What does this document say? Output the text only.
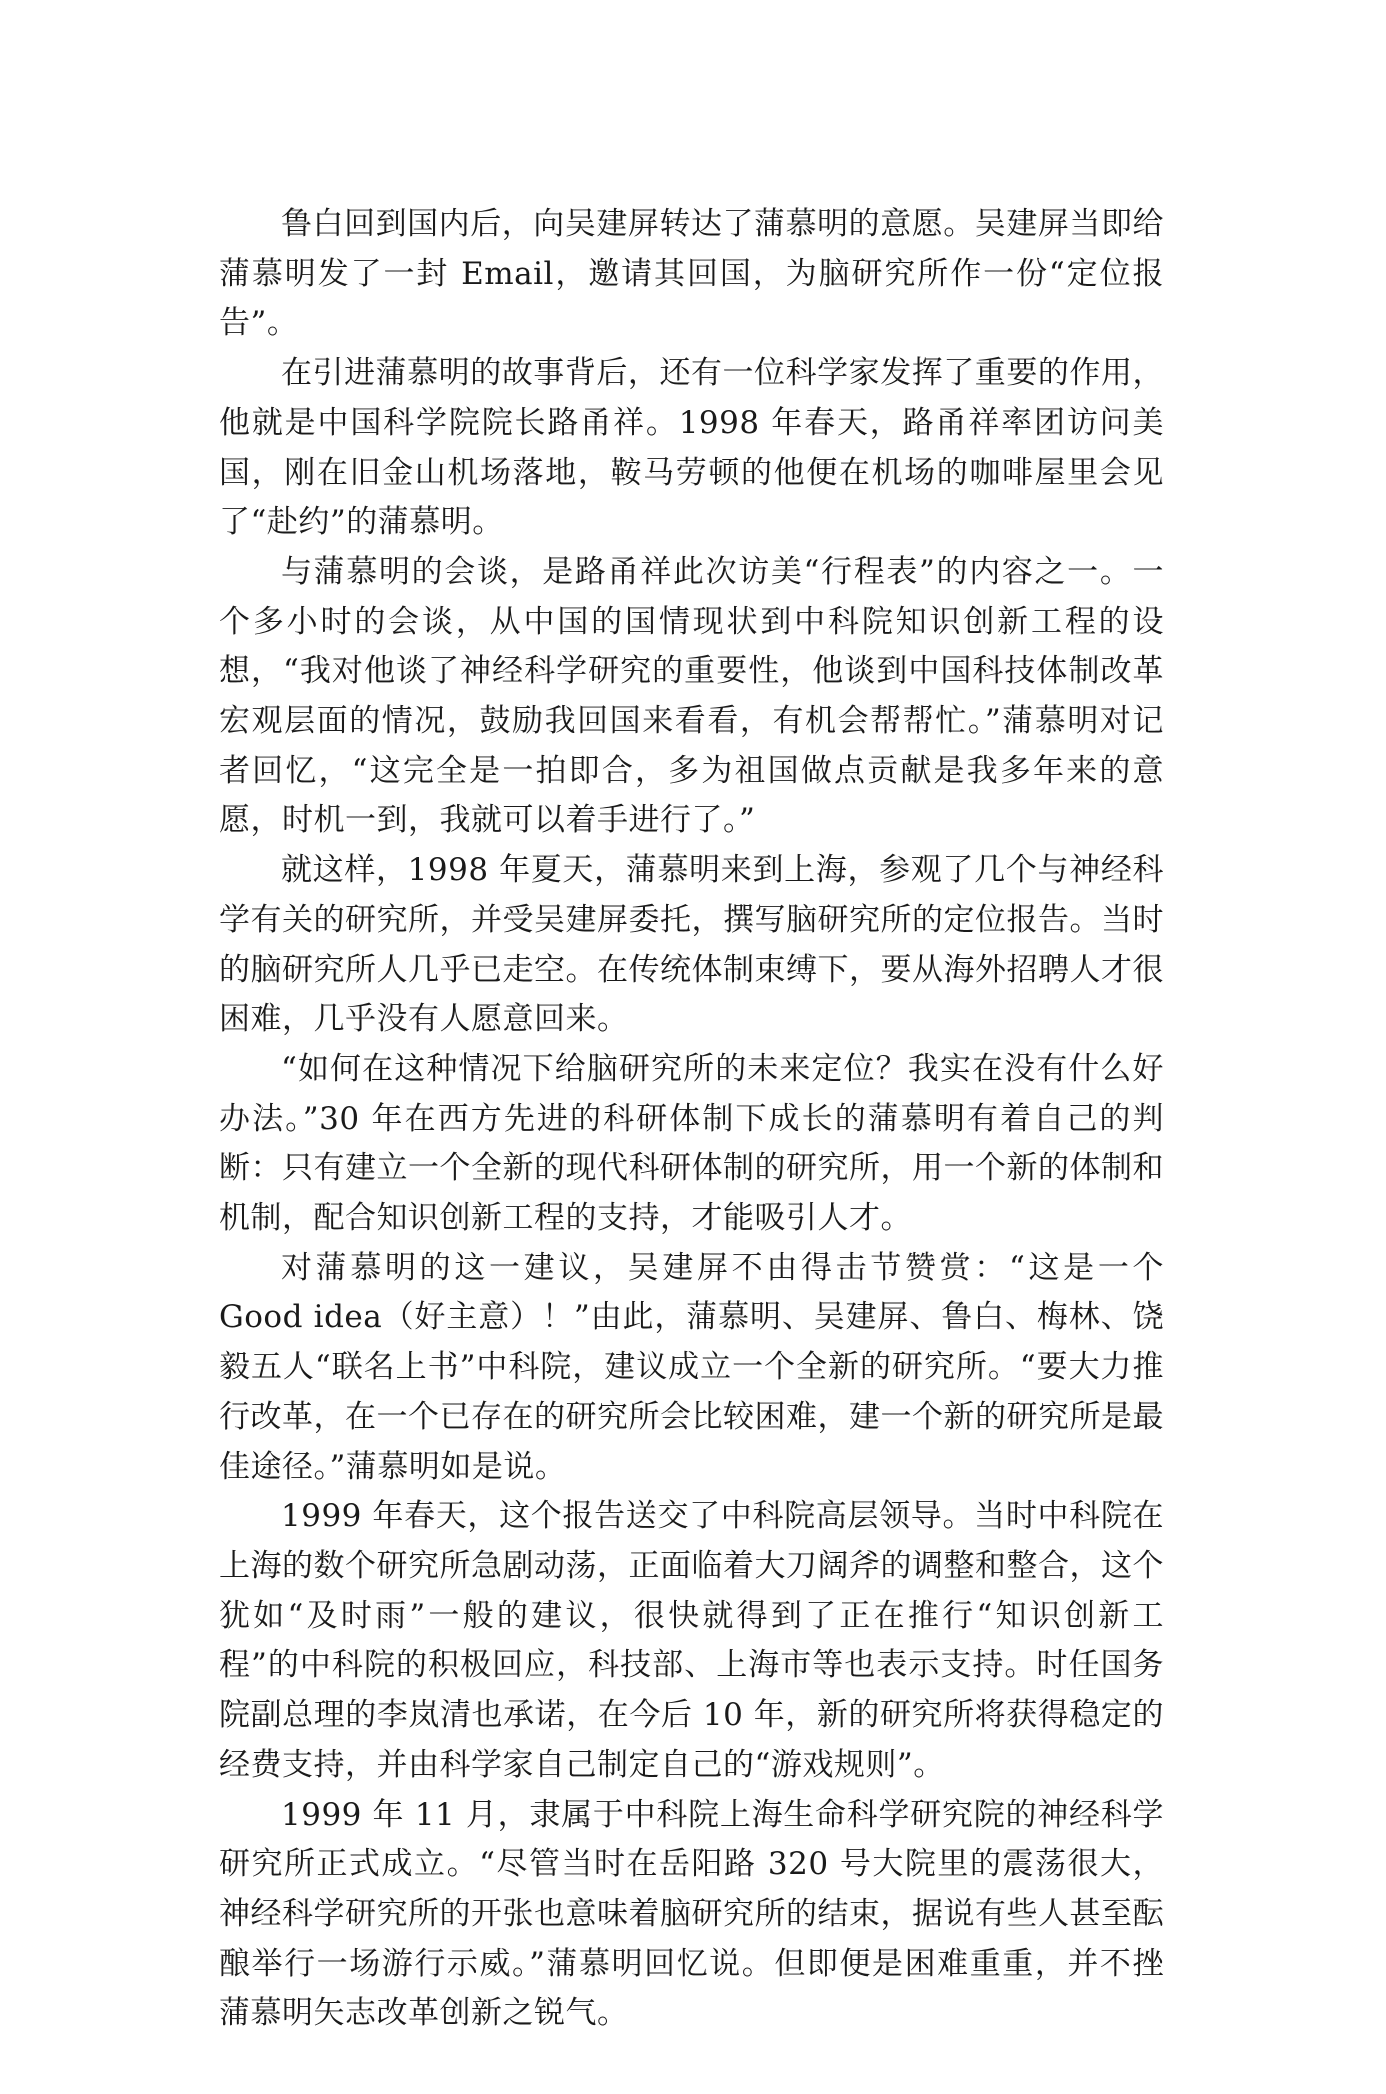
鲁白回到国内后，向吴建屏转达了蒲慕明的意愿。吴建屏当即给蒲慕明发了一封 Email，邀请其回国，为脑研究所作一份“定位报告”。

在引进蒲慕明的故事背后，还有一位科学家发挥了重要的作用，他就是中国科学院院长路甬祥。1998 年春天，路甬祥率团访问美国，刚在旧金山机场落地，鞍马劳顿的他便在机场的咖啡屋里会见了“赴约”的蒲慕明。

与蒲慕明的会谈，是路甬祥此次访美“行程表”的内容之一。一个多小时的会谈，从中国的国情现状到中科院知识创新工程的设想，“我对他谈了神经科学研究的重要性，他谈到中国科技体制改革宏观层面的情况，鼓励我回国来看看，有机会帮帮忙。”蒲慕明对记者回忆，“这完全是一拍即合，多为祖国做点贡献是我多年来的意愿，时机一到，我就可以着手进行了。”

就这样，1998 年夏天，蒲慕明来到上海，参观了几个与神经科学有关的研究所，并受吴建屏委托，撰写脑研究所的定位报告。当时的脑研究所人几乎已走空。在传统体制束缚下，要从海外招聘人才很困难，几乎没有人愿意回来。

“如何在这种情况下给脑研究所的未来定位？我实在没有什么好办法。”30 年在西方先进的科研体制下成长的蒲慕明有着自己的判断：只有建立一个全新的现代科研体制的研究所，用一个新的体制和机制，配合知识创新工程的支持，才能吸引人才。

对蒲慕明的这一建议，吴建屏不由得击节赞赏：“这是一个 Good idea（好主意）！”由此，蒲慕明、吴建屏、鲁白、梅林、饶毅五人“联名上书”中科院，建议成立一个全新的研究所。“要大力推行改革，在一个已存在的研究所会比较困难，建一个新的研究所是最佳途径。”蒲慕明如是说。

1999 年春天，这个报告送交了中科院高层领导。当时中科院在上海的数个研究所急剧动荡，正面临着大刀阔斧的调整和整合，这个犹如“及时雨”一般的建议，很快就得到了正在推行“知识创新工程”的中科院的积极回应，科技部、上海市等也表示支持。时任国务院副总理的李岚清也承诺，在今后 10 年，新的研究所将获得稳定的经费支持，并由科学家自己制定自己的“游戏规则”。

1999 年 11 月，隶属于中科院上海生命科学研究院的神经科学研究所正式成立。“尽管当时在岳阳路 320 号大院里的震荡很大，神经科学研究所的开张也意味着脑研究所的结束，据说有些人甚至酝酿举行一场游行示威。”蒲慕明回忆说。但即便是困难重重，并不挫蒲慕明矢志改革创新之锐气。
